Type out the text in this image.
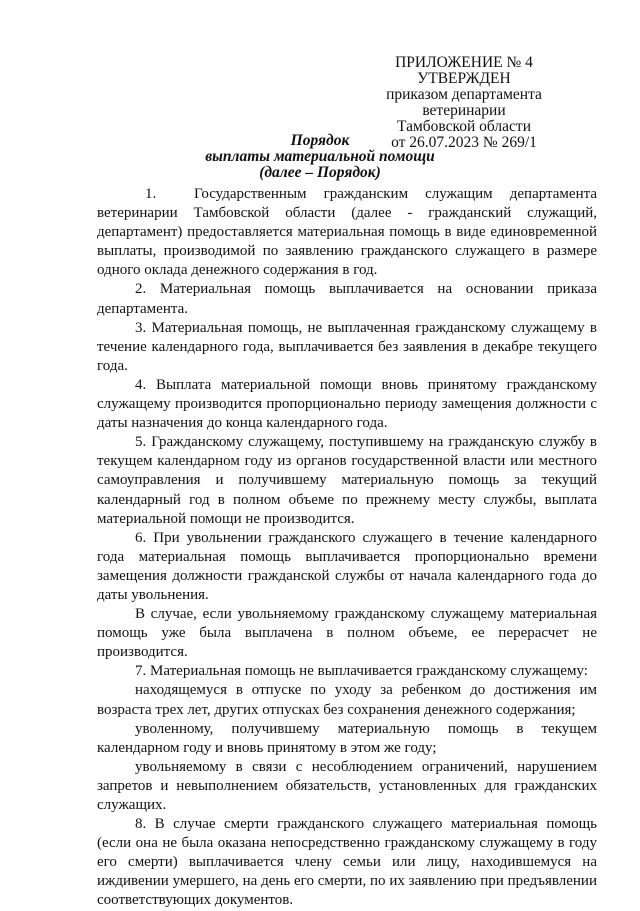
ПРИЛОЖЕНИЕ № 4
УТВЕРЖДЕН
приказом департамента ветеринарии
Тамбовской области
от 26.07.2023 № 269/1
Порядок
выплаты материальной помощи
(далее – Порядок)

1.	Государственным гражданским служащим департамента ветеринарии Тамбовской области (далее - гражданский служащий, департамент) предоставляется материальная помощь в виде единовременной выплаты, производимой по заявлению гражданского служащего в размере одного оклада денежного содержания в год.

2. Материальная помощь выплачивается на основании приказа департамента.

3. Материальная помощь, не выплаченная гражданскому служащему в течение календарного года, выплачивается без заявления в декабре текущего года.

4. Выплата материальной помощи вновь принятому гражданскому служащему производится пропорционально периоду замещения должности с даты назначения до конца календарного года.

5. Гражданскому служащему, поступившему на гражданскую службу в текущем календарном году из органов государственной власти или местного самоуправления и получившему материальную помощь за текущий календарный год в полном объеме по прежнему месту службы, выплата материальной помощи не производится.

6. При увольнении гражданского служащего в течение календарного года материальная помощь выплачивается пропорционально времени замещения должности гражданской службы от начала календарного года до даты увольнения.

В случае, если увольняемому гражданскому служащему материальная помощь уже была выплачена в полном объеме, ее перерасчет не производится.

7. Материальная помощь не выплачивается гражданскому служащему:

находящемуся в отпуске по уходу за ребенком до достижения им возраста трех лет, других отпусках без сохранения денежного содержания;

уволенному, получившему материальную помощь в текущем календарном году и вновь принятому в этом же году;

увольняемому в связи с несоблюдением ограничений, нарушением запретов и невыполнением обязательств, установленных для гражданских служащих.

8. В случае смерти гражданского служащего материальная помощь (если она не была оказана непосредственно гражданскому служащему в году его смерти) выплачивается члену семьи или лицу, находившемуся на иждивении умершего, на день его смерти, по их заявлению при предъявлении соответствующих документов.
